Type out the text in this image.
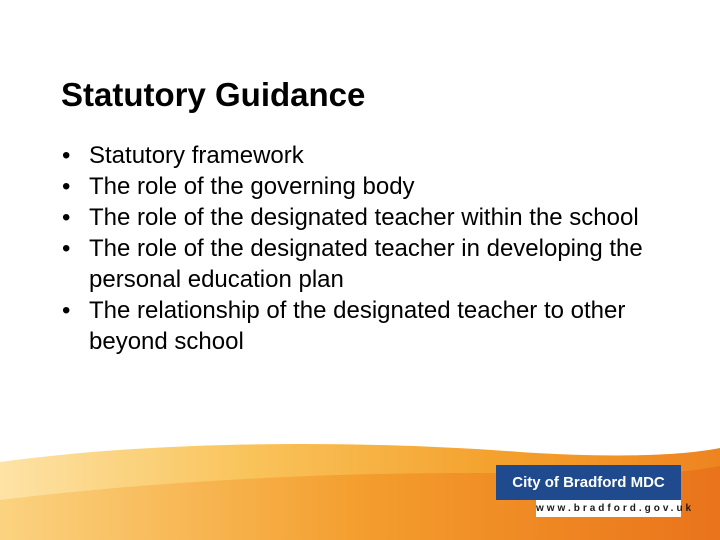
Statutory Guidance
• Statutory framework
• The role of the governing body
• The role of the designated teacher within the school
• The role of the designated teacher in developing the personal education plan
• The relationship of the designated teacher to other beyond school
City of Bradford MDC
www.bradford.gov.uk
